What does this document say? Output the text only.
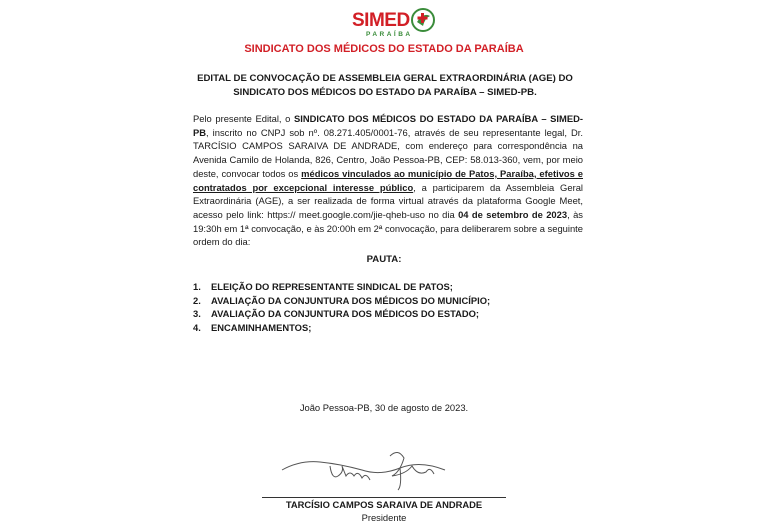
SIMED
PARAÍBA
SINDICATO DOS MÉDICOS DO ESTADO DA PARAÍBA
EDITAL DE CONVOCAÇÃO DE ASSEMBLEIA GERAL EXTRAORDINÁRIA (AGE) DO SINDICATO DOS MÉDICOS DO ESTADO DA PARAÍBA – SIMED-PB.
Pelo presente Edital, o SINDICATO DOS MÉDICOS DO ESTADO DA PARAÍBA – SIMED-PB, inscrito no CNPJ sob nº. 08.271.405/0001-76, através de seu representante legal, Dr. TARCÍSIO CAMPOS SARAIVA DE ANDRADE, com endereço para correspondência na Avenida Camilo de Holanda, 826, Centro, João Pessoa-PB, CEP: 58.013-360, vem, por meio deste, convocar todos os médicos vinculados ao município de Patos, Paraíba, efetivos e contratados por excepcional interesse público, a participarem da Assembleia Geral Extraordinária (AGE), a ser realizada de forma virtual através da plataforma Google Meet, acesso pelo link: https:// meet.google.com/jie-qheb-uso no dia 04 de setembro de 2023, às 19:30h em 1ª convocação, e às 20:00h em 2ª convocação, para deliberarem sobre a seguinte ordem do dia:
PAUTA:
1.	ELEIÇÃO DO REPRESENTANTE SINDICAL DE PATOS;
2.	AVALIAÇÃO DA CONJUNTURA DOS MÉDICOS DO MUNICÍPIO;
3.	AVALIAÇÃO DA CONJUNTURA DOS MÉDICOS DO ESTADO;
4.	ENCAMINHAMENTOS;
João Pessoa-PB, 30 de agosto de 2023.
TARCÍSIO CAMPOS SARAIVA DE ANDRADE
Presidente
